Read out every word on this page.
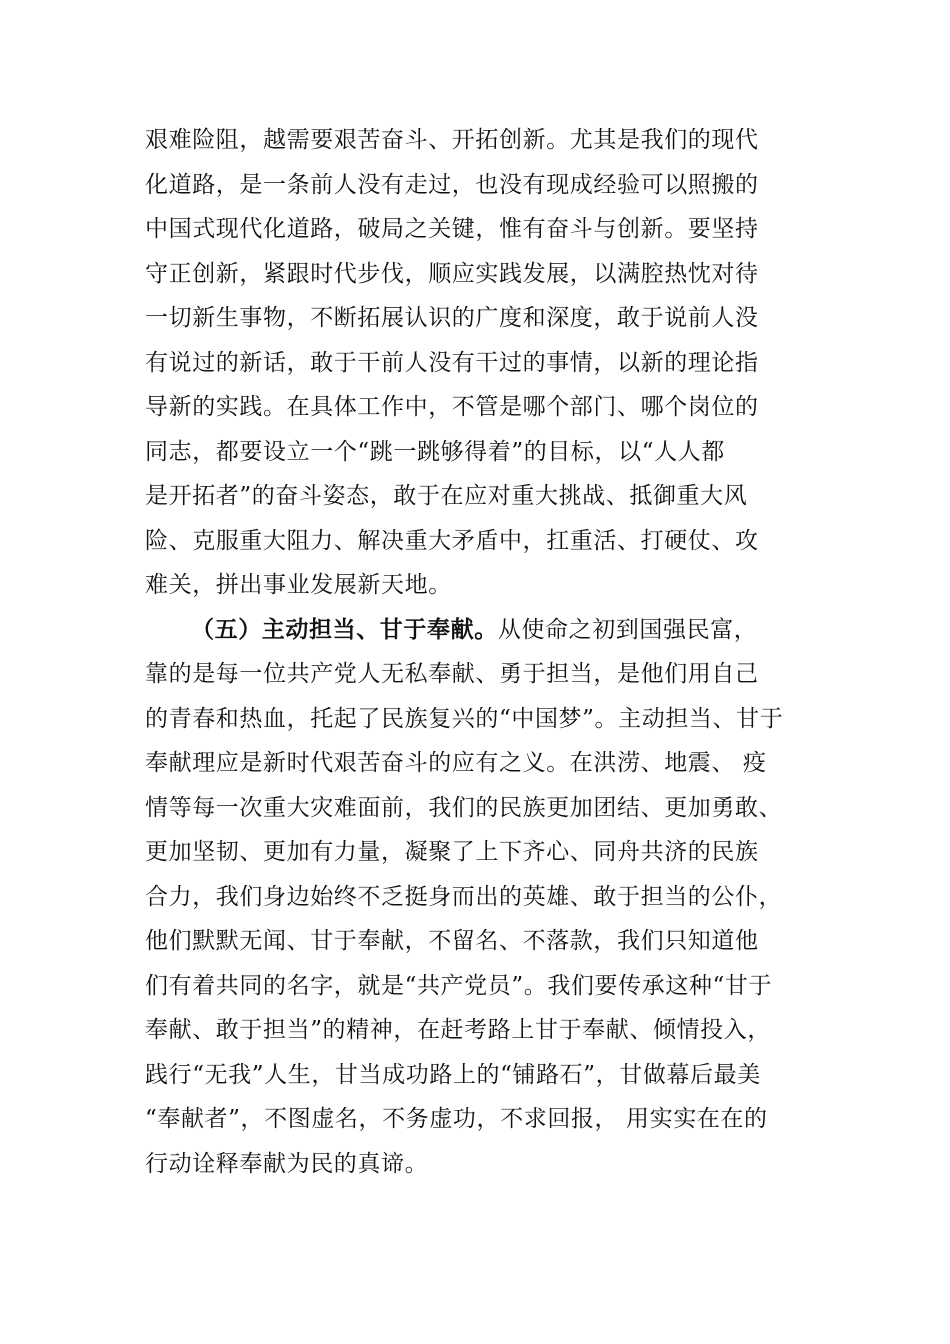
艰难险阻，越需要艰苦奋斗、开拓创新。尤其是我们的现代
化道路，是一条前人没有走过，也没有现成经验可以照搬的
中国式现代化道路，破局之关键，惟有奋斗与创新。要坚持
守正创新，紧跟时代步伐，顺应实践发展，以满腔热忱对待
一切新生事物，不断拓展认识的广度和深度，敢于说前人没
有说过的新话，敢于干前人没有干过的事情，以新的理论指
导新的实践。在具体工作中，不管是哪个部门、哪个岗位的
同志，都要设立一个“跳一跳够得着”的目标，以“人人都
是开拓者”的奋斗姿态，敢于在应对重大挑战、抵御重大风
险、克服重大阻力、解决重大矛盾中，扛重活、打硬仗、攻
难关，拼出事业发展新天地。
（五）主动担当、甘于奉献。从使命之初到国强民富，
靠的是每一位共产党人无私奉献、勇于担当，是他们用自己
的青春和热血，托起了民族复兴的“中国梦”。主动担当、甘于
奉献理应是新时代艰苦奋斗的应有之义。在洪涝、地震、 疫
情等每一次重大灾难面前，我们的民族更加团结、更加勇敢、
更加坚韧、更加有力量，凝聚了上下齐心、同舟共济的民族
合力，我们身边始终不乏挺身而出的英雄、敢于担当的公仆，
他们默默无闻、甘于奉献，不留名、不落款，我们只知道他
们有着共同的名字，就是“共产党员”。我们要传承这种“甘于
奉献、敢于担当”的精神，在赶考路上甘于奉献、倾情投入，
践行“无我”人生，甘当成功路上的“铺路石”，甘做幕后最美
“奉献者”，不图虚名，不务虚功，不求回报， 用实实在在的
行动诠释奉献为民的真谛。
